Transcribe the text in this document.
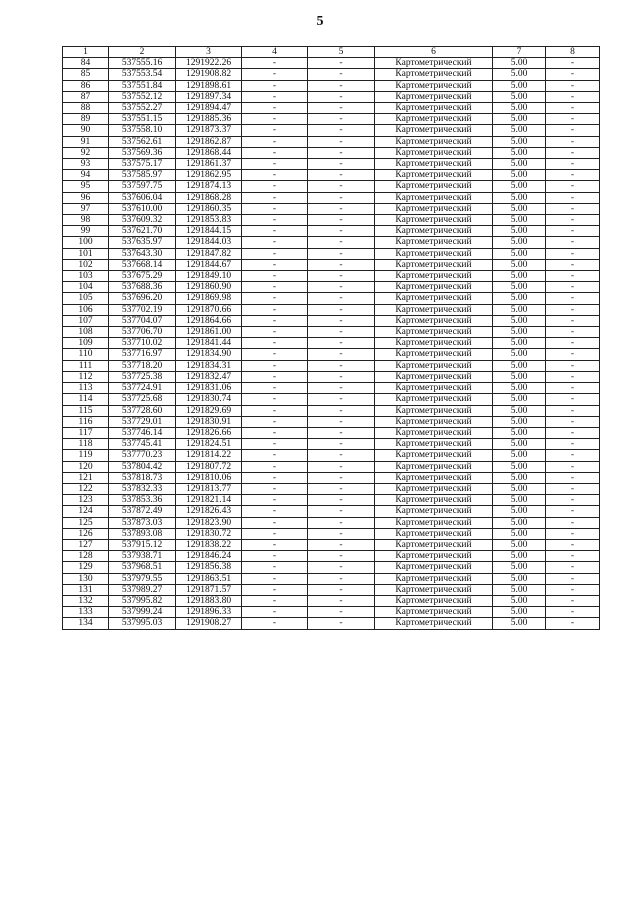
5
1	2	3	4	5	6	7	8
84	537555.16	1291922.26	-	-	Картометрический	5.00	-
85	537553.54	1291908.82	-	-	Картометрический	5.00	-
86	537551.84	1291898.61	-	-	Картометрический	5.00	-
87	537552.12	1291897.34	-	-	Картометрический	5.00	-
88	537552.27	1291894.47	-	-	Картометрический	5.00	-
89	537551.15	1291885.36	-	-	Картометрический	5.00	-
90	537558.10	1291873.37	-	-	Картометрический	5.00	-
91	537562.61	1291862.87	-	-	Картометрический	5.00	-
92	537569.36	1291868.44	-	-	Картометрический	5.00	-
93	537575.17	1291861.37	-	-	Картометрический	5.00	-
94	537585.97	1291862.95	-	-	Картометрический	5.00	-
95	537597.75	1291874.13	-	-	Картометрический	5.00	-
96	537606.04	1291868.28	-	-	Картометрический	5.00	-
97	537610.00	1291860.35	-	-	Картометрический	5.00	-
98	537609.32	1291853.83	-	-	Картометрический	5.00	-
99	537621.70	1291844.15	-	-	Картометрический	5.00	-
100	537635.97	1291844.03	-	-	Картометрический	5.00	-
101	537643.30	1291847.82	-	-	Картометрический	5.00	-
102	537668.14	1291844.67	-	-	Картометрический	5.00	-
103	537675.29	1291849.10	-	-	Картометрический	5.00	-
104	537688.36	1291860.90	-	-	Картометрический	5.00	-
105	537696.20	1291869.98	-	-	Картометрический	5.00	-
106	537702.19	1291870.66	-	-	Картометрический	5.00	-
107	537704.07	1291864.66	-	-	Картометрический	5.00	-
108	537706.70	1291861.00	-	-	Картометрический	5.00	-
109	537710.02	1291841.44	-	-	Картометрический	5.00	-
110	537716.97	1291834.90	-	-	Картометрический	5.00	-
111	537718.20	1291834.31	-	-	Картометрический	5.00	-
112	537725.38	1291832.47	-	-	Картометрический	5.00	-
113	537724.91	1291831.06	-	-	Картометрический	5.00	-
114	537725.68	1291830.74	-	-	Картометрический	5.00	-
115	537728.60	1291829.69	-	-	Картометрический	5.00	-
116	537729.01	1291830.91	-	-	Картометрический	5.00	-
117	537746.14	1291826.66	-	-	Картометрический	5.00	-
118	537745.41	1291824.51	-	-	Картометрический	5.00	-
119	537770.23	1291814.22	-	-	Картометрический	5.00	-
120	537804.42	1291807.72	-	-	Картометрический	5.00	-
121	537818.73	1291810.06	-	-	Картометрический	5.00	-
122	537832.33	1291813.77	-	-	Картометрический	5.00	-
123	537853.36	1291821.14	-	-	Картометрический	5.00	-
124	537872.49	1291826.43	-	-	Картометрический	5.00	-
125	537873.03	1291823.90	-	-	Картометрический	5.00	-
126	537893.08	1291830.72	-	-	Картометрический	5.00	-
127	537915.12	1291838.22	-	-	Картометрический	5.00	-
128	537938.71	1291846.24	-	-	Картометрический	5.00	-
129	537968.51	1291856.38	-	-	Картометрический	5.00	-
130	537979.55	1291863.51	-	-	Картометрический	5.00	-
131	537989.27	1291871.57	-	-	Картометрический	5.00	-
132	537995.82	1291883.80	-	-	Картометрический	5.00	-
133	537999.24	1291896.33	-	-	Картометрический	5.00	-
134	537995.03	1291908.27	-	-	Картометрический	5.00	-
